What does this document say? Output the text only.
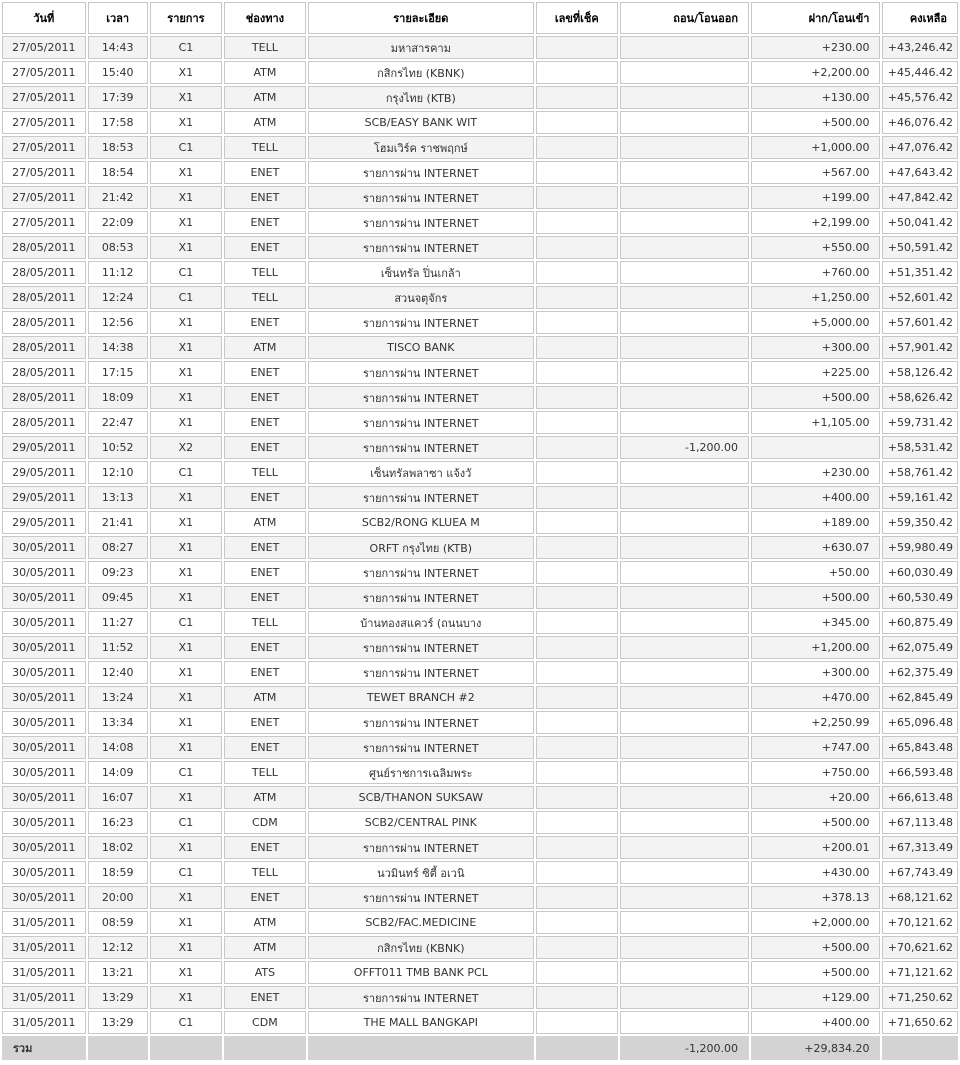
วันที่	เวลา	รายการ	ช่องทาง	รายละเอียด	เลขที่เช็ค	ถอน/โอนออก	ฝาก/โอนเข้า	คงเหลือ
27/05/2011	14:43	C1	TELL	มหาสารคาม			+230.00	+43,246.42
27/05/2011	15:40	X1	ATM	กสิกรไทย (KBNK)			+2,200.00	+45,446.42
27/05/2011	17:39	X1	ATM	กรุงไทย (KTB)			+130.00	+45,576.42
27/05/2011	17:58	X1	ATM	SCB/EASY BANK WIT			+500.00	+46,076.42
27/05/2011	18:53	C1	TELL	โฮมเวิร์ค ราชพฤกษ์			+1,000.00	+47,076.42
27/05/2011	18:54	X1	ENET	รายการผ่าน INTERNET			+567.00	+47,643.42
27/05/2011	21:42	X1	ENET	รายการผ่าน INTERNET			+199.00	+47,842.42
27/05/2011	22:09	X1	ENET	รายการผ่าน INTERNET			+2,199.00	+50,041.42
28/05/2011	08:53	X1	ENET	รายการผ่าน INTERNET			+550.00	+50,591.42
28/05/2011	11:12	C1	TELL	เซ็นทรัล ปิ่นเกล้า			+760.00	+51,351.42
28/05/2011	12:24	C1	TELL	สวนจตุจักร			+1,250.00	+52,601.42
28/05/2011	12:56	X1	ENET	รายการผ่าน INTERNET			+5,000.00	+57,601.42
28/05/2011	14:38	X1	ATM	TISCO BANK			+300.00	+57,901.42
28/05/2011	17:15	X1	ENET	รายการผ่าน INTERNET			+225.00	+58,126.42
28/05/2011	18:09	X1	ENET	รายการผ่าน INTERNET			+500.00	+58,626.42
28/05/2011	22:47	X1	ENET	รายการผ่าน INTERNET			+1,105.00	+59,731.42
29/05/2011	10:52	X2	ENET	รายการผ่าน INTERNET		-1,200.00		+58,531.42
29/05/2011	12:10	C1	TELL	เซ็นทรัลพลาซา แจ้งวั			+230.00	+58,761.42
29/05/2011	13:13	X1	ENET	รายการผ่าน INTERNET			+400.00	+59,161.42
29/05/2011	21:41	X1	ATM	SCB2/RONG KLUEA M			+189.00	+59,350.42
30/05/2011	08:27	X1	ENET	ORFT กรุงไทย (KTB)			+630.07	+59,980.49
30/05/2011	09:23	X1	ENET	รายการผ่าน INTERNET			+50.00	+60,030.49
30/05/2011	09:45	X1	ENET	รายการผ่าน INTERNET			+500.00	+60,530.49
30/05/2011	11:27	C1	TELL	บ้านทองสแควร์ (ถนนบาง			+345.00	+60,875.49
30/05/2011	11:52	X1	ENET	รายการผ่าน INTERNET			+1,200.00	+62,075.49
30/05/2011	12:40	X1	ENET	รายการผ่าน INTERNET			+300.00	+62,375.49
30/05/2011	13:24	X1	ATM	TEWET BRANCH #2			+470.00	+62,845.49
30/05/2011	13:34	X1	ENET	รายการผ่าน INTERNET			+2,250.99	+65,096.48
30/05/2011	14:08	X1	ENET	รายการผ่าน INTERNET			+747.00	+65,843.48
30/05/2011	14:09	C1	TELL	ศูนย์ราชการเฉลิมพระ			+750.00	+66,593.48
30/05/2011	16:07	X1	ATM	SCB/THANON SUKSAW			+20.00	+66,613.48
30/05/2011	16:23	C1	CDM	SCB2/CENTRAL PINK			+500.00	+67,113.48
30/05/2011	18:02	X1	ENET	รายการผ่าน INTERNET			+200.01	+67,313.49
30/05/2011	18:59	C1	TELL	นวมินทร์ ซิตี้ อเวนิ			+430.00	+67,743.49
30/05/2011	20:00	X1	ENET	รายการผ่าน INTERNET			+378.13	+68,121.62
31/05/2011	08:59	X1	ATM	SCB2/FAC.MEDICINE			+2,000.00	+70,121.62
31/05/2011	12:12	X1	ATM	กสิกรไทย (KBNK)			+500.00	+70,621.62
31/05/2011	13:21	X1	ATS	OFFT011 TMB BANK PCL			+500.00	+71,121.62
31/05/2011	13:29	X1	ENET	รายการผ่าน INTERNET			+129.00	+71,250.62
31/05/2011	13:29	C1	CDM	THE MALL BANGKAPI			+400.00	+71,650.62
รวม						-1,200.00	+29,834.20	
